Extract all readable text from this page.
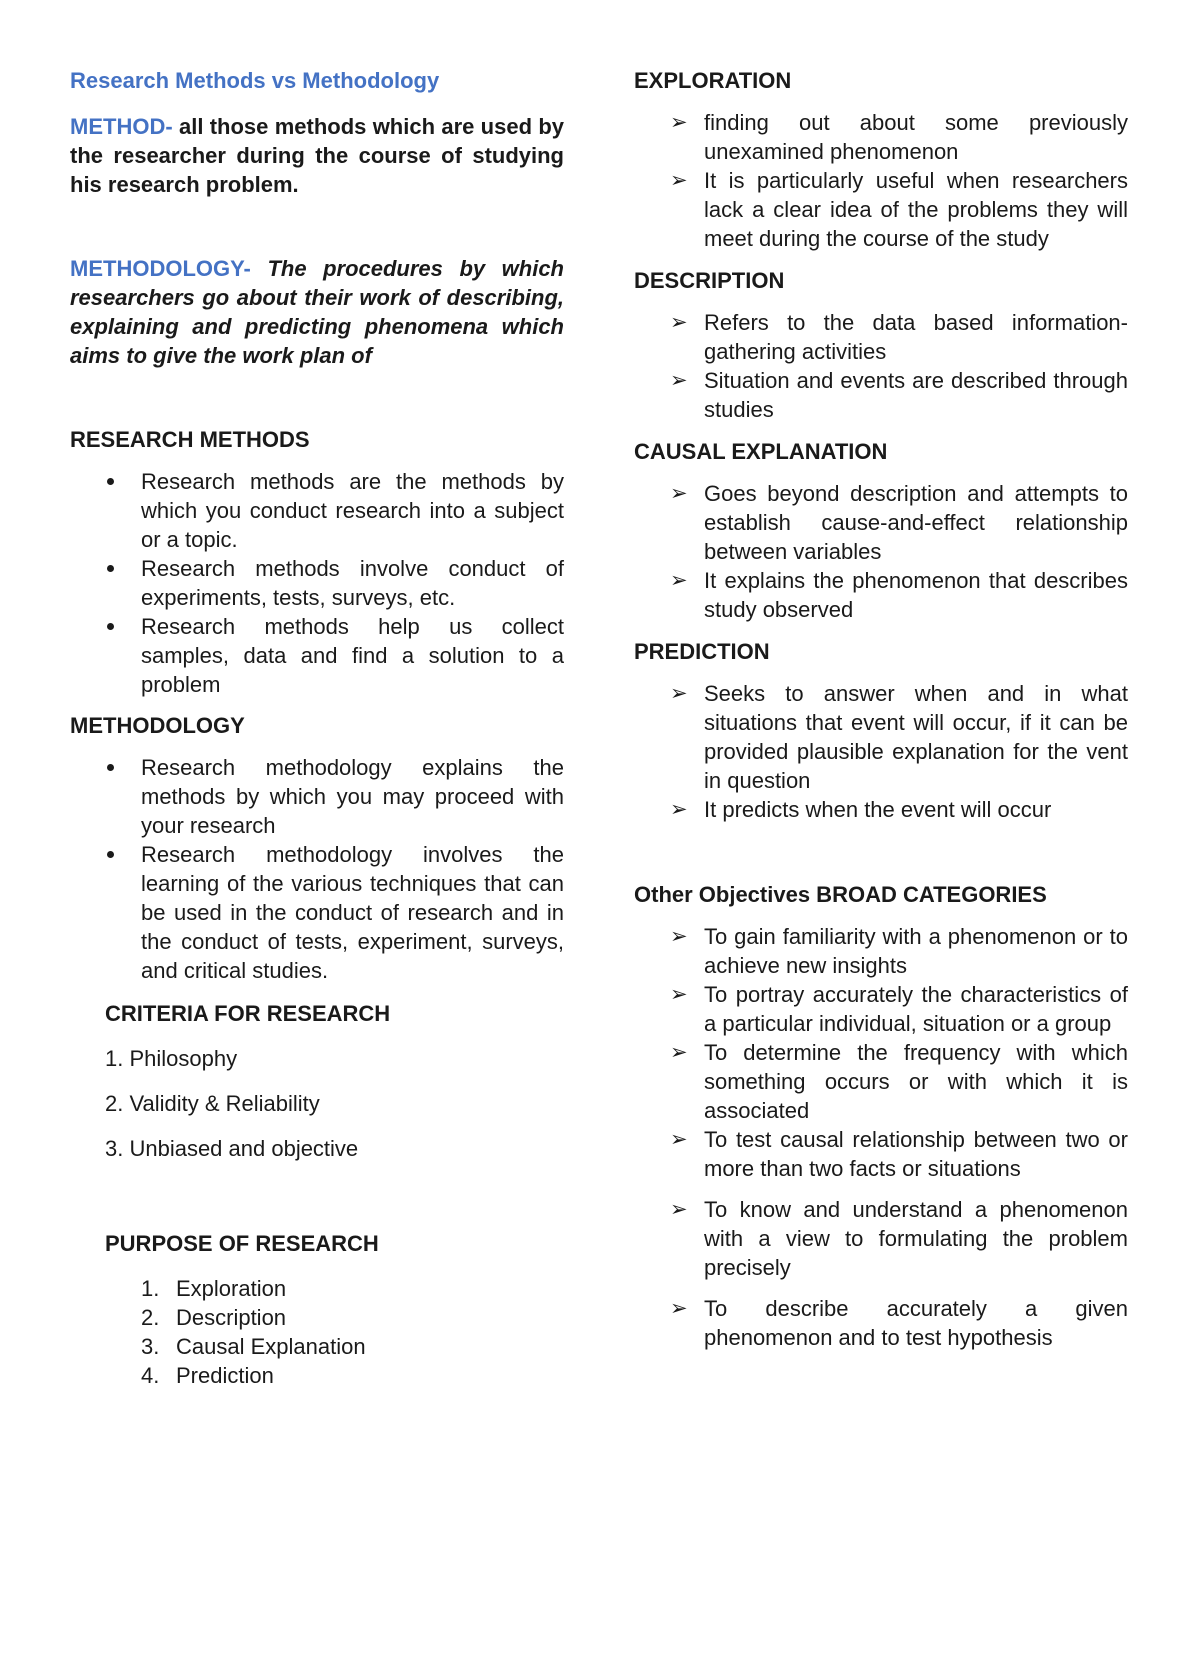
Research Methods vs Methodology

METHOD- all those methods which are used by the researcher during the course of studying his research problem.

METHODOLOGY- The procedures by which researchers go about their work of describing, explaining and predicting phenomena which aims to give the work plan of

RESEARCH METHODS
Research methods are the methods by which you conduct research into a subject or a topic.
Research methods involve conduct of experiments, tests, surveys, etc.
Research methods help us collect samples, data and find a solution to a problem
METHODOLOGY
Research methodology explains the methods by which you may proceed with your research
Research methodology involves the learning of the various techniques that can be used in the conduct of research and in the conduct of tests, experiment, surveys, and critical studies.
CRITERIA FOR RESEARCH
1. Philosophy
2. Validity & Reliability
3. Unbiased and objective
PURPOSE OF RESEARCH
1. Exploration
2. Description
3. Causal Explanation
4. Prediction
EXPLORATION
➢ finding out about some previously unexamined phenomenon
➢ It is particularly useful when researchers lack a clear idea of the problems they will meet during the course of the study
DESCRIPTION
➢ Refers to the data based information-gathering activities
➢ Situation and events are described through studies
CAUSAL EXPLANATION
➢ Goes beyond description and attempts to establish cause-and-effect relationship between variables
➢ It explains the phenomenon that describes study observed
PREDICTION
➢ Seeks to answer when and in what situations that event will occur, if it can be provided plausible explanation for the vent in question
➢ It predicts when the event will occur
Other Objectives BROAD CATEGORIES
➢ To gain familiarity with a phenomenon or to achieve new insights
➢ To portray accurately the characteristics of a particular individual, situation or a group
➢ To determine the frequency with which something occurs or with which it is associated
➢ To test causal relationship between two or more than two facts or situations
➢ To know and understand a phenomenon with a view to formulating the problem precisely
➢ To describe accurately a given phenomenon and to test hypothesis
